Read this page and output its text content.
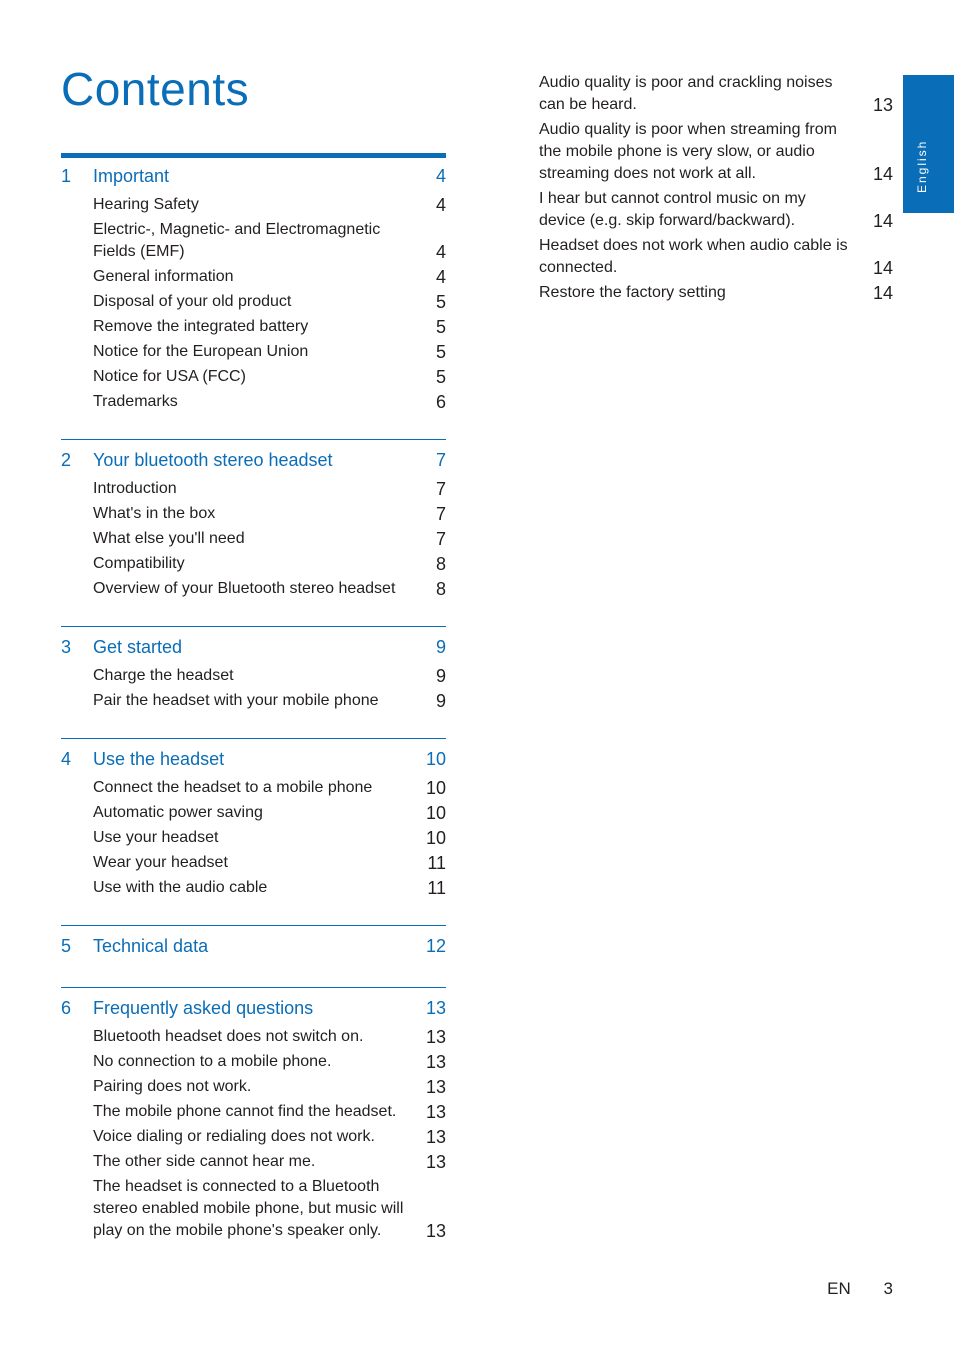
Contents
English
1	Important	4
Hearing Safety	4
Electric-, Magnetic- and Electromagnetic Fields (EMF)	4
General information	4
Disposal of your old product	5
Remove the integrated battery	5
Notice for the European Union	5
Notice for USA (FCC)	5
Trademarks	6
2	Your bluetooth stereo headset	7
Introduction	7
What's in the box	7
What else you'll need	7
Compatibility	8
Overview of your Bluetooth stereo headset	8
3	Get started	9
Charge the headset	9
Pair the headset with your mobile phone	9
4	Use the headset	10
Connect the headset to a mobile phone	10
Automatic power saving	10
Use your headset	10
Wear your headset	11
Use with the audio cable	11
5	Technical data	12
6	Frequently asked questions	13
Bluetooth headset does not switch on.	13
No connection to a mobile phone.	13
Pairing does not work.	13
The mobile phone cannot find the headset.	13
Voice dialing or redialing does not work.	13
The other side cannot hear me.	13
The headset is connected to a Bluetooth stereo enabled mobile phone, but music will play on the mobile phone's speaker only.	13
Audio quality is poor and crackling noises can be heard.	13
Audio quality is poor when streaming from the mobile phone is very slow, or audio streaming does not work at all.	14
I hear but cannot control music on my device (e.g. skip forward/backward).	14
Headset does not work when audio cable is connected.	14
Restore the factory setting	14
EN 3
